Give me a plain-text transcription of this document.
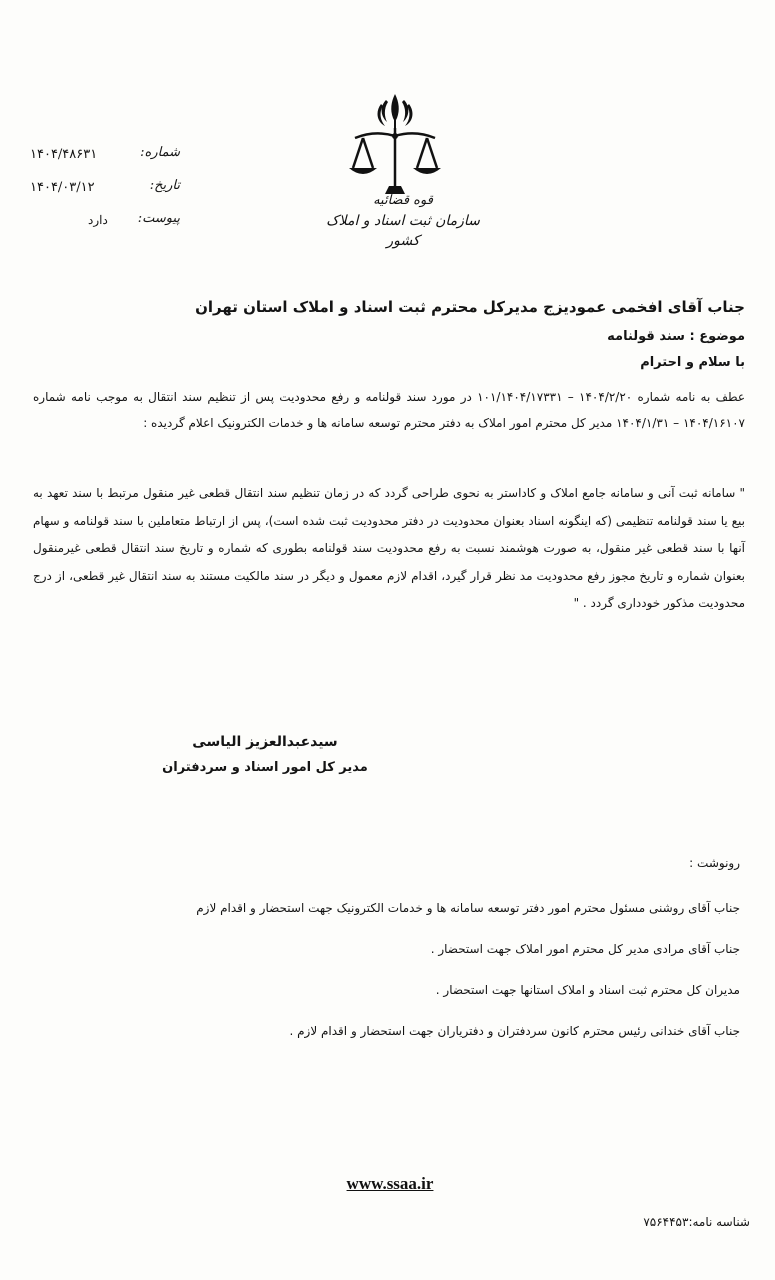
قوه قضائیه
سازمان ثبت اسناد و املاک کشور
۱۴۰۴/۴۸۶۳۱	شماره:
۱۴۰۴/۰۳/۱۲	تاریخ:
دارد پیوست:
جناب آقای افخمی عمودیزج مدیرکل محترم ثبت اسناد و املاک استان تهران
موضوع : سند قولنامه
با سلام و احترام
عطف به نامه شماره ۱۴۰۴/۲/۲۰ – ۱۰۱/۱۴۰۴/۱۷۳۳۱ در مورد سند قولنامه و رفع محدودیت پس از تنظیم سند انتقال به موجب نامه شماره ۱۴۰۴/۱۶۱۰۷ – ۱۴۰۴/۱/۳۱ مدیر کل محترم امور املاک به دفتر محترم توسعه سامانه ها و خدمات الکترونیک اعلام گردیده :
" سامانه ثبت آنی و سامانه جامع املاک و کاداستر به نحوی طراحی گردد که در زمان تنظیم سند انتقال قطعی غیر منقول مرتبط با سند تعهد به بیع یا سند قولنامه تنظیمی (که اینگونه اسناد بعنوان محدودیت در دفتر محدودیت ثبت شده است)، پس از ارتباط متعاملین با سند قولنامه و سهام آنها با سند قطعی غیر منقول، به صورت هوشمند نسبت به رفع محدودیت سند قولنامه بطوری که شماره و تاریخ سند انتقال قطعی غیرمنقول بعنوان شماره و تاریخ مجوز رفع محدودیت مد نظر قرار گیرد، اقدام لازم معمول و دیگر در سند مالکیت مستند به سند انتقال غیر قطعی، از درج محدودیت مذکور خودداری گردد . "
سیدعبدالعزیز الیاسی
مدیر کل امور اسناد و سردفتران
رونوشت :
جناب آقای روشنی مسئول محترم امور دفتر توسعه سامانه ها و خدمات الکترونیک جهت استحضار و اقدام لازم
جناب آقای مرادی مدیر کل محترم امور املاک جهت استحضار .
مدیران کل محترم ثبت اسناد و املاک استانها جهت استحضار .
جناب آقای خندانی رئیس محترم کانون سردفتران و دفتریاران جهت استحضار و اقدام لازم .
www.ssaa.ir
شناسه نامه:۷۵۶۴۴۵۳
